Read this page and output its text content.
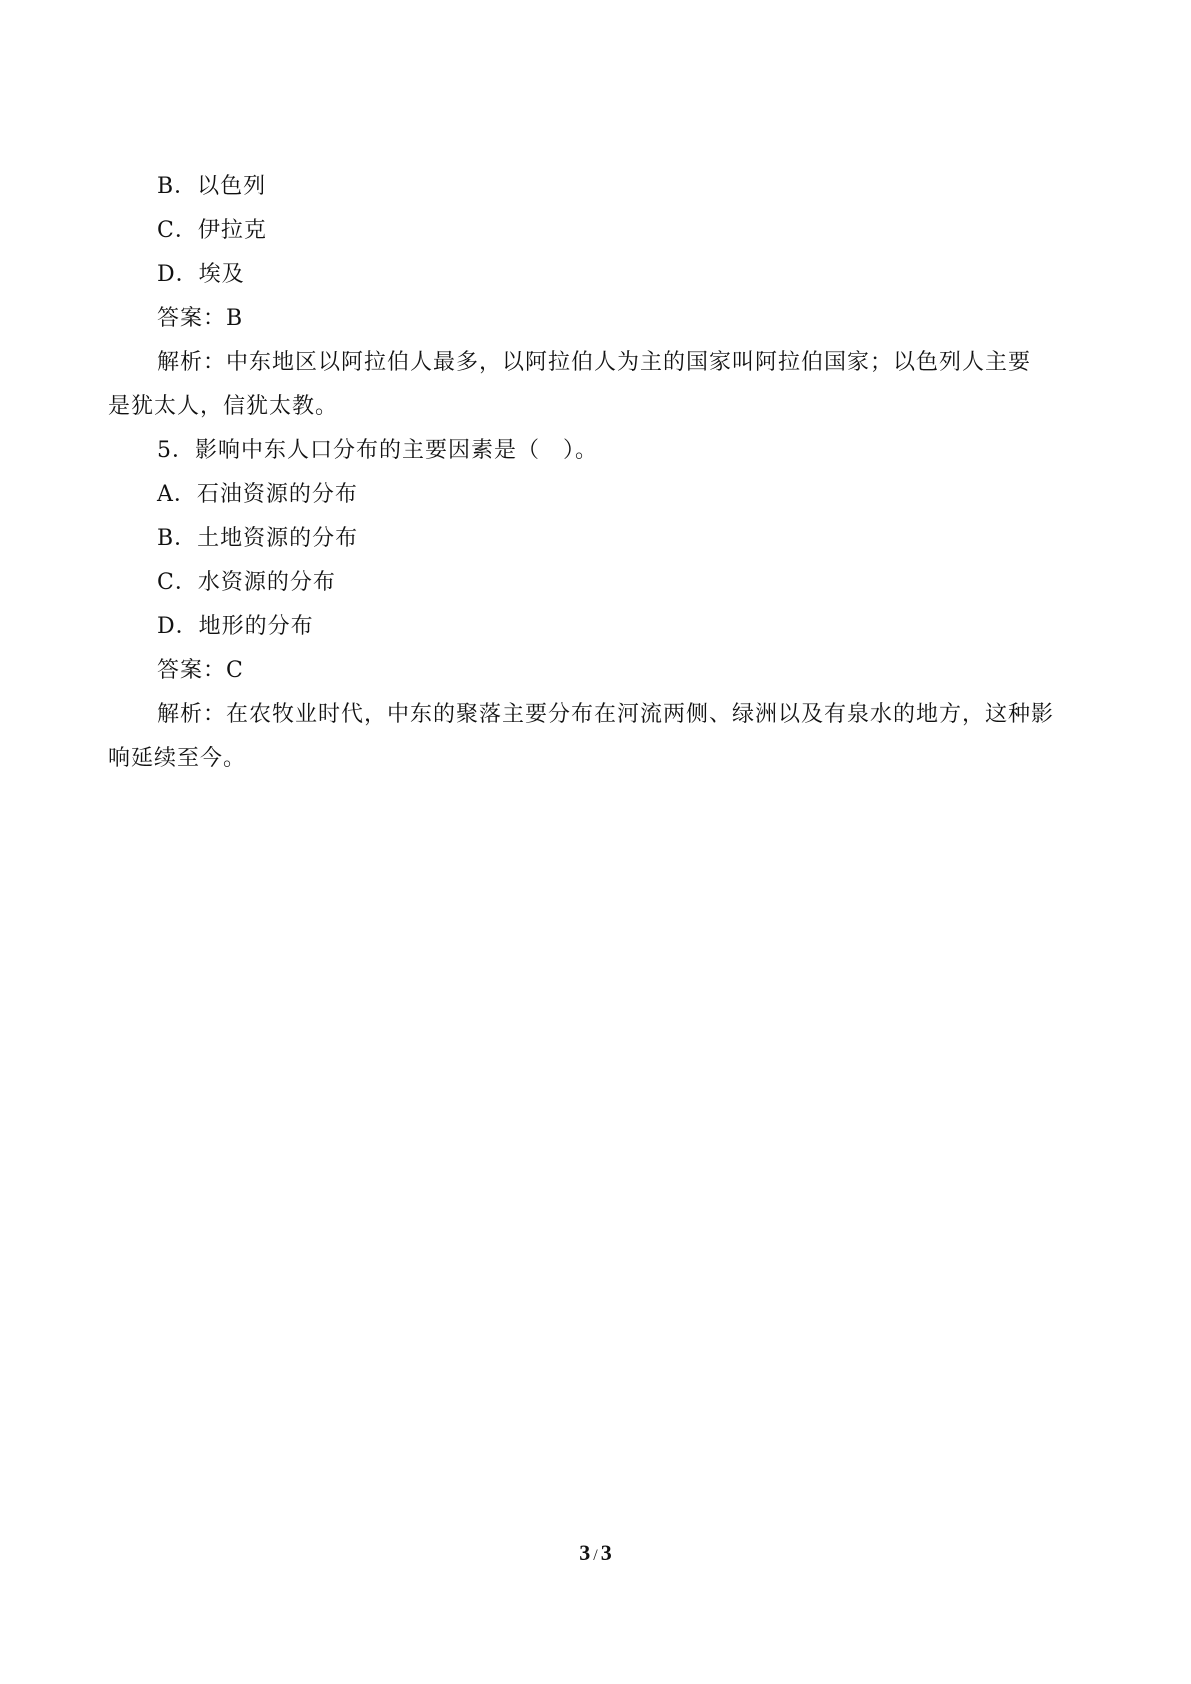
B．以色列
C．伊拉克
D．埃及
答案：B
解析：中东地区以阿拉伯人最多，以阿拉伯人为主的国家叫阿拉伯国家；以色列人主要
是犹太人，信犹太教。
5．影响中东人口分布的主要因素是（　）。
A．石油资源的分布
B．土地资源的分布
C．水资源的分布
D．地形的分布
答案：C
解析：在农牧业时代，中东的聚落主要分布在河流两侧、绿洲以及有泉水的地方，这种影
响延续至今。
3 / 3
